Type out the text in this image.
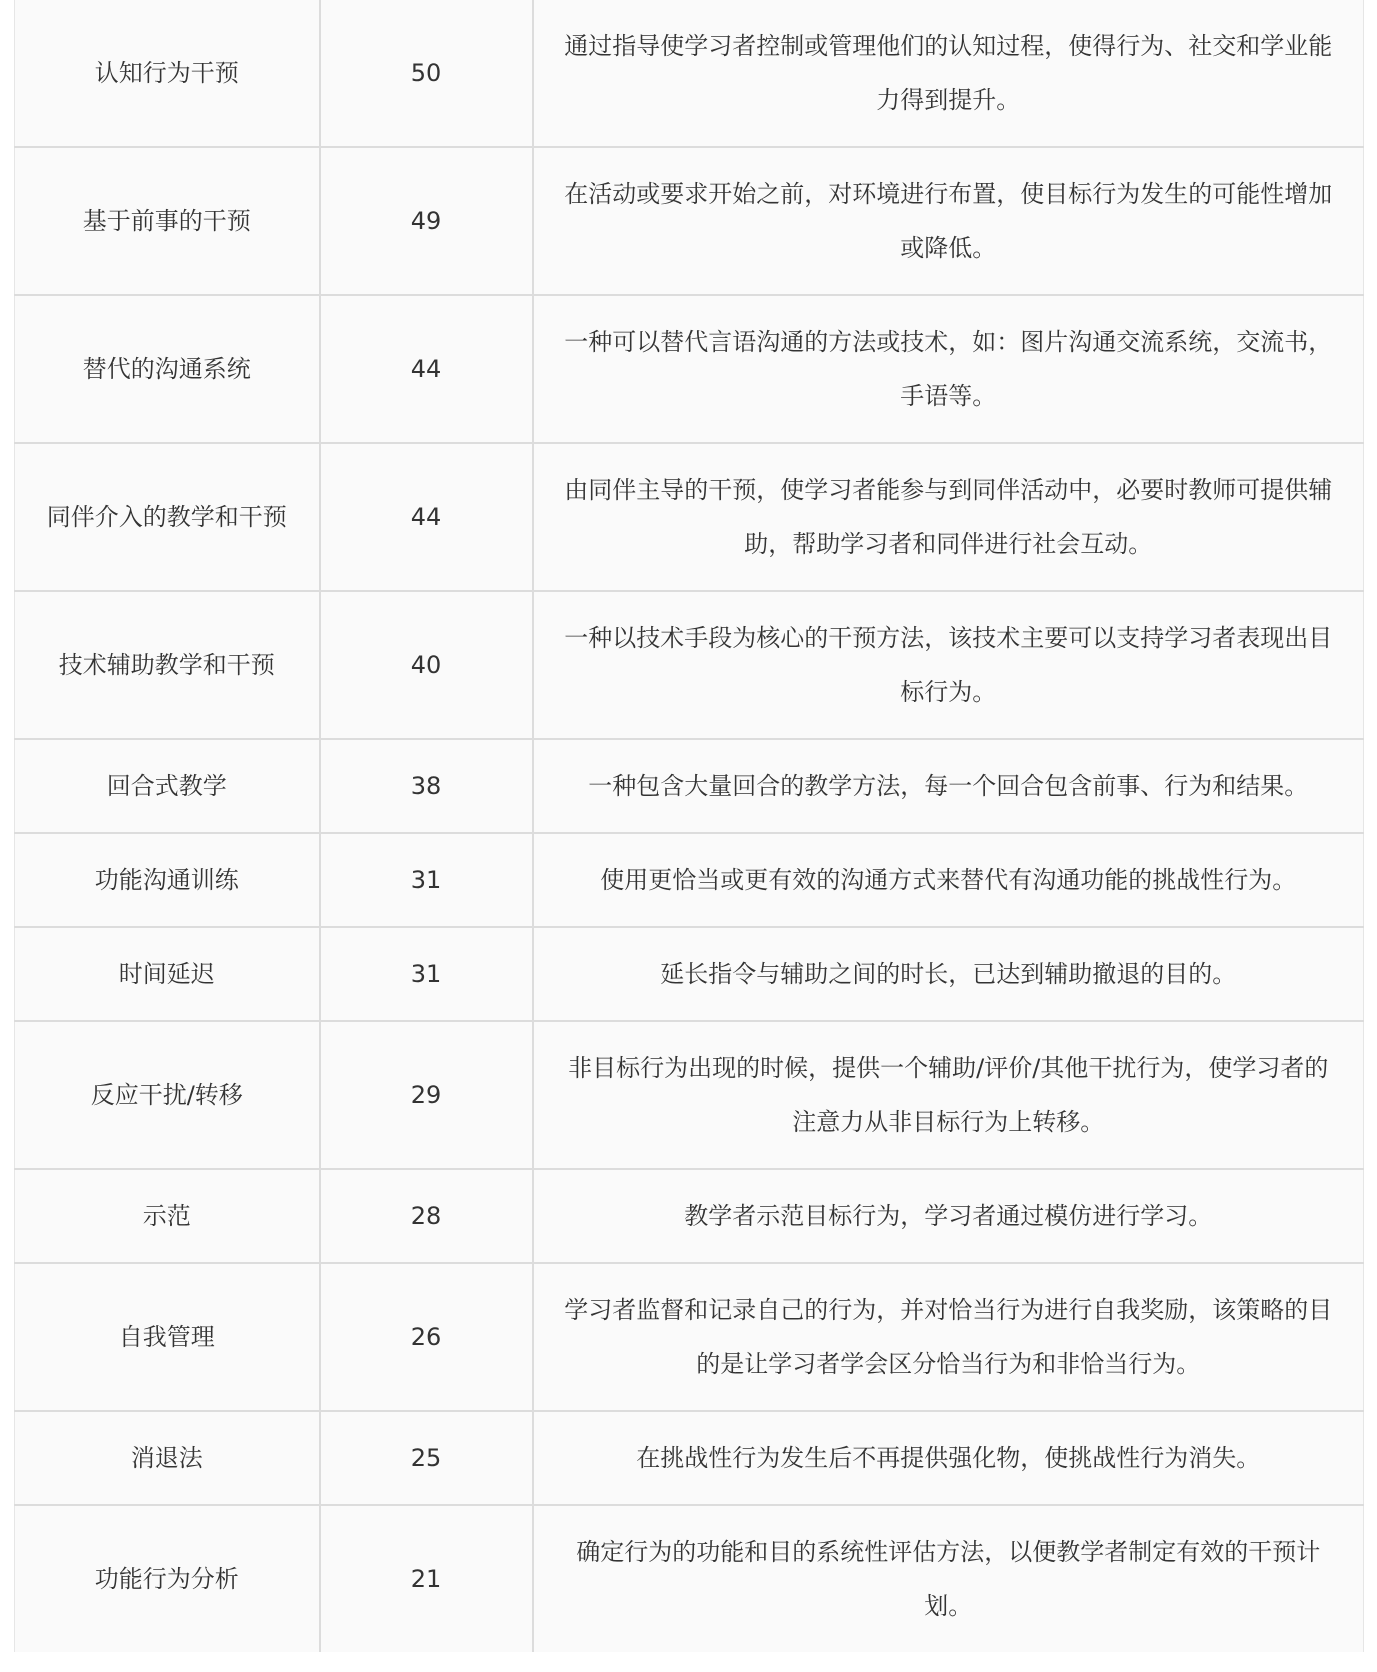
认知行为干预	50	通过指导使学习者控制或管理他们的认知过程，使得行为、社交和学业能力得到提升。
基于前事的干预	49	在活动或要求开始之前，对环境进行布置，使目标行为发生的可能性增加或降低。
替代的沟通系统	44	一种可以替代言语沟通的方法或技术，如：图片沟通交流系统，交流书，手语等。
同伴介入的教学和干预	44	由同伴主导的干预，使学习者能参与到同伴活动中，必要时教师可提供辅助，帮助学习者和同伴进行社会互动。
技术辅助教学和干预	40	一种以技术手段为核心的干预方法，该技术主要可以支持学习者表现出目标行为。
回合式教学	38	一种包含大量回合的教学方法，每一个回合包含前事、行为和结果。
功能沟通训练	31	使用更恰当或更有效的沟通方式来替代有沟通功能的挑战性行为。
时间延迟	31	延长指令与辅助之间的时长，已达到辅助撤退的目的。
反应干扰/转移	29	非目标行为出现的时候，提供一个辅助/评价/其他干扰行为，使学习者的注意力从非目标行为上转移。
示范	28	教学者示范目标行为，学习者通过模仿进行学习。
自我管理	26	学习者监督和记录自己的行为，并对恰当行为进行自我奖励，该策略的目的是让学习者学会区分恰当行为和非恰当行为。
消退法	25	在挑战性行为发生后不再提供强化物，使挑战性行为消失。
功能行为分析	21	确定行为的功能和目的系统性评估方法，以便教学者制定有效的干预计划。
